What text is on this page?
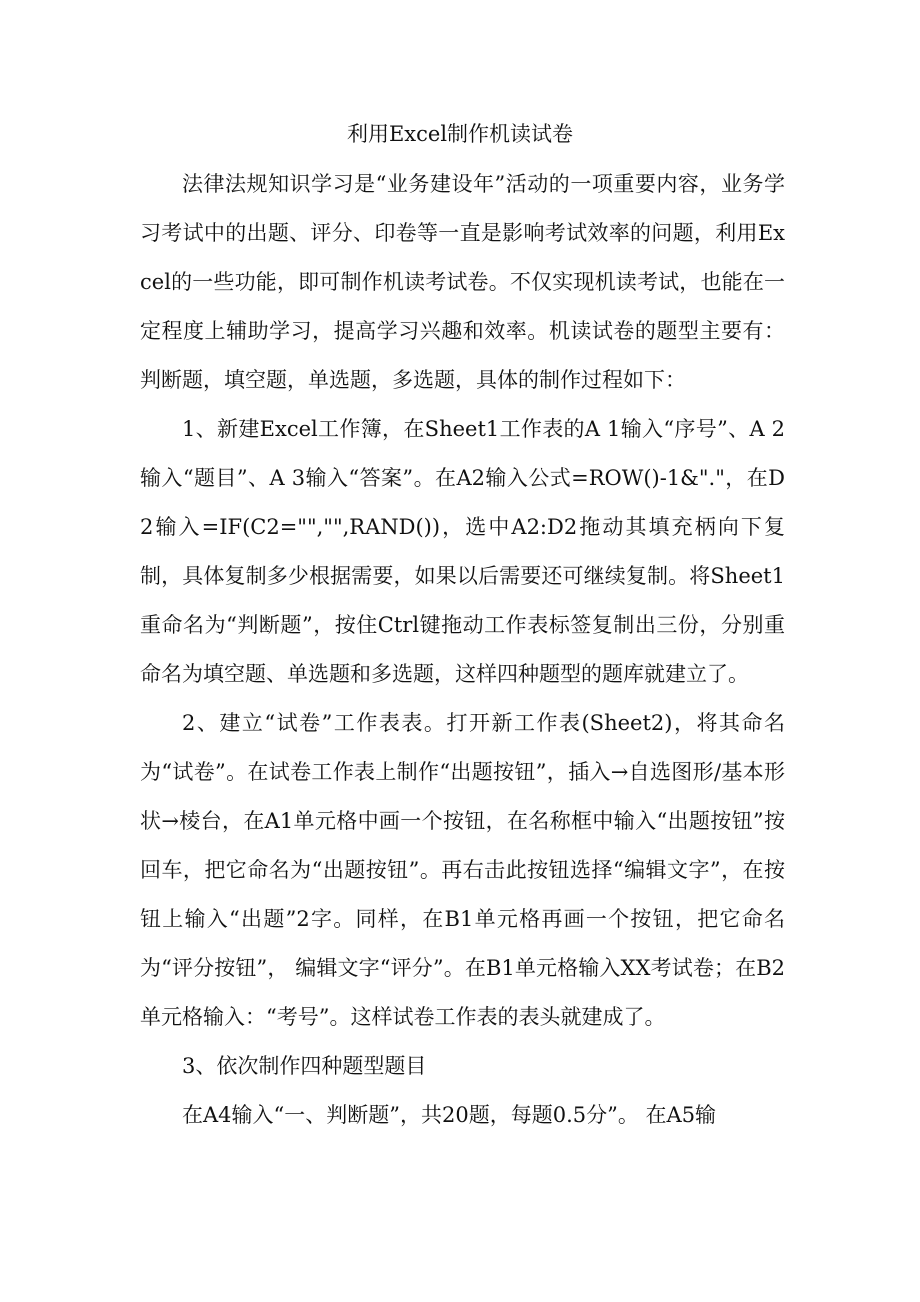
利用Excel制作机读试卷

法律法规知识学习是“业务建设年”活动的一项重要内容，业务学习考试中的出题、评分、印卷等一直是影响考试效率的问题，利用Excel的一些功能，即可制作机读考试卷。不仅实现机读考试，也能在一定程度上辅助学习，提高学习兴趣和效率。机读试卷的题型主要有：判断题，填空题，单选题，多选题，具体的制作过程如下：

1、新建Excel工作簿，在Sheet1工作表的A 1输入“序号”、A 2输入“题目”、A 3输入“答案”。在A2输入公式=ROW()-1&"."，在D2输入=IF(C2="","",RAND())，选中A2:D2拖动其填充柄向下复制，具体复制多少根据需要，如果以后需要还可继续复制。将Sheet1重命名为“判断题”，按住Ctrl键拖动工作表标签复制出三份，分别重命名为填空题、单选题和多选题，这样四种题型的题库就建立了。

2、建立“试卷”工作表表。打开新工作表(Sheet2)，将其命名为“试卷”。在试卷工作表上制作“出题按钮”，插入→自选图形/基本形状→棱台，在A1单元格中画一个按钮，在名称框中输入“出题按钮”按回车，把它命名为“出题按钮”。再右击此按钮选择“编辑文字”，在按钮上输入“出题”2字。同样，在B1单元格再画一个按钮，把它命名为“评分按钮”， 编辑文字“评分”。在B1单元格输入XX考试卷；在B2单元格输入：“考号”。这样试卷工作表的表头就建成了。

3、依次制作四种题型题目

在A4输入“一、判断题”，共20题，每题0.5分”。 在A5输
